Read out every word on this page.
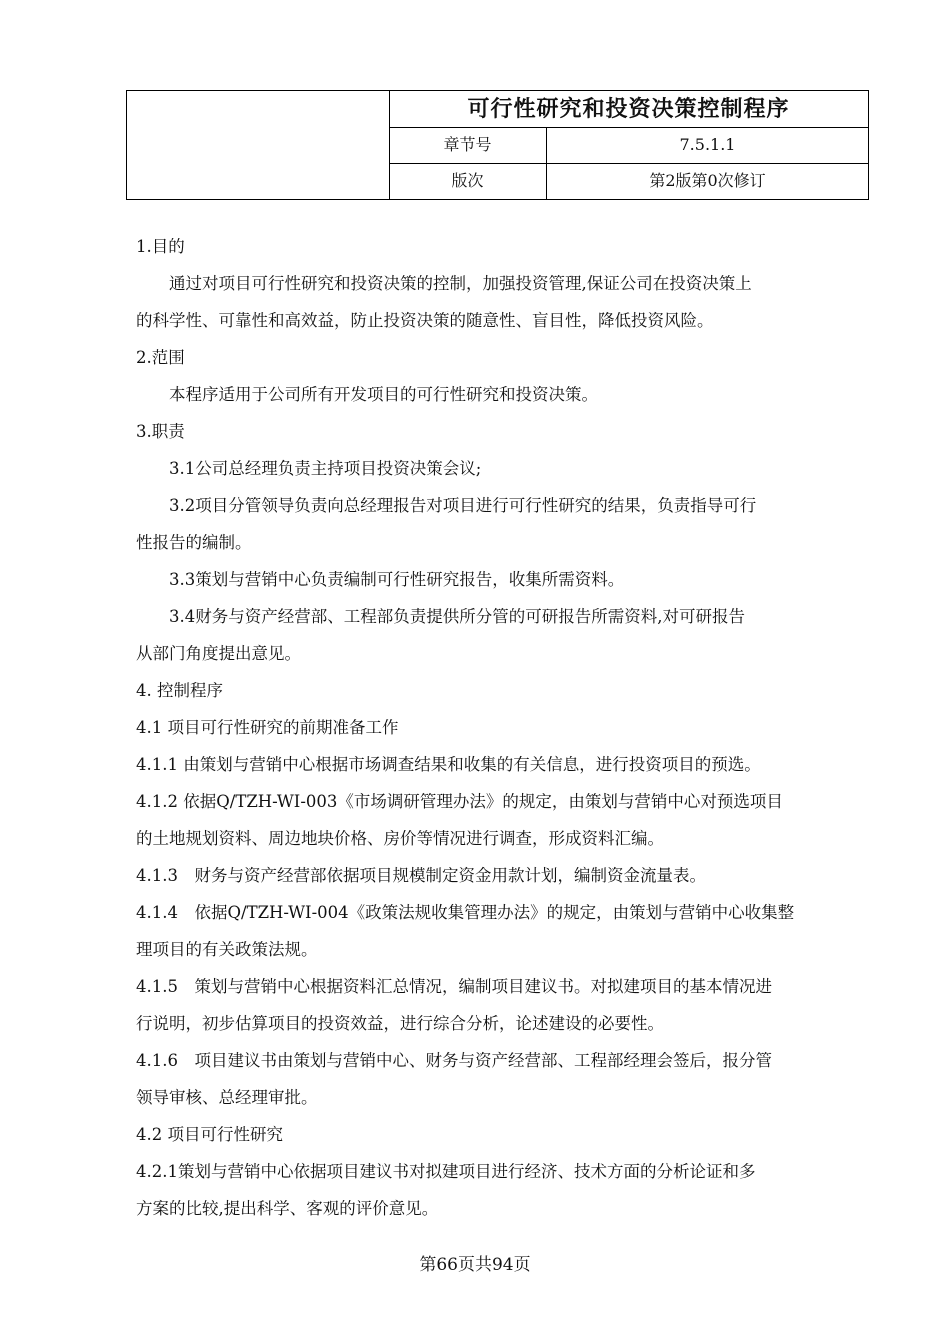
可行性研究和投资决策控制程序
章节号	7.5.1.1
版次	第2版第0次修订
1.目的
　　通过对项目可行性研究和投资决策的控制，加强投资管理,保证公司在投资决策上
的科学性、可靠性和高效益，防止投资决策的随意性、盲目性，降低投资风险。
2.范围
　　本程序适用于公司所有开发项目的可行性研究和投资决策。
3.职责
　　3.1公司总经理负责主持项目投资决策会议;
　　3.2项目分管领导负责向总经理报告对项目进行可行性研究的结果，负责指导可行
性报告的编制。
　　3.3策划与营销中心负责编制可行性研究报告，收集所需资料。
　　3.4财务与资产经营部、工程部负责提供所分管的可研报告所需资料,对可研报告
从部门角度提出意见。
4. 控制程序
4.1 项目可行性研究的前期准备工作
4.1.1 由策划与营销中心根据市场调查结果和收集的有关信息，进行投资项目的预选。
4.1.2 依据Q/TZH-WI-003《市场调研管理办法》的规定，由策划与营销中心对预选项目
的土地规划资料、周边地块价格、房价等情况进行调查，形成资料汇编。
4.1.3　财务与资产经营部依据项目规模制定资金用款计划，编制资金流量表。
4.1.4　依据Q/TZH-WI-004《政策法规收集管理办法》的规定，由策划与营销中心收集整
理项目的有关政策法规。
4.1.5　策划与营销中心根据资料汇总情况，编制项目建议书。对拟建项目的基本情况进
行说明，初步估算项目的投资效益，进行综合分析，论述建设的必要性。
4.1.6　项目建议书由策划与营销中心、财务与资产经营部、工程部经理会签后，报分管
领导审核、总经理审批。
4.2 项目可行性研究
4.2.1策划与营销中心依据项目建议书对拟建项目进行经济、技术方面的分析论证和多
方案的比较,提出科学、客观的评价意见。
第66页共94页
